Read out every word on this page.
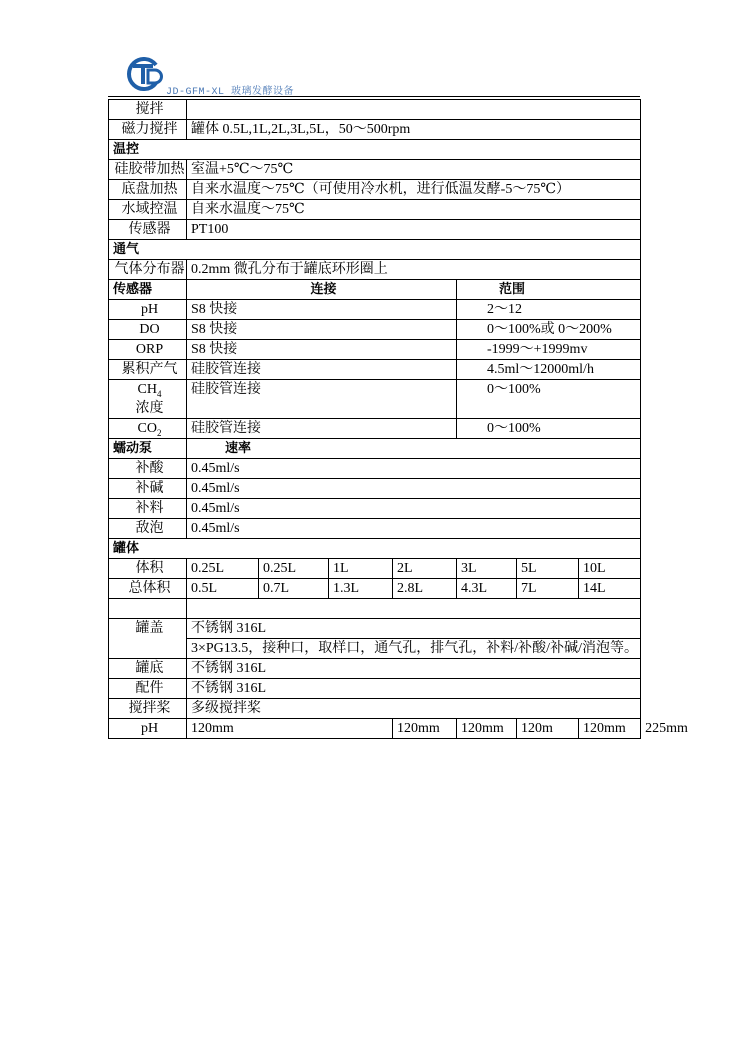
JD-GFM-XL 玻璃发酵设备
搅拌								
磁力搅拌	罐体 0.5L,1L,2L,3L,5L，50～500rpm							
温控								
硅胶带加热	室温+5℃～75℃							
底盘加热	自来水温度～75℃（可使用冷水机，进行低温发酵-5～75℃）							
水域控温	自来水温度～75℃							
传感器	PT100							
通气								
气体分布器	0.2mm 微孔分布于罐底环形圈上							
传感器	连接				范围			
pH	S8 快接				2～12			
DO	S8 快接				0～100%或 0～200%			
ORP	S8 快接				-1999～+1999mv			
累积产气	硅胶管连接				4.5ml～12000ml/h			
$CH_4$
浓度	硅胶管连接				0～100%			
$CO_2$	硅胶管连接				0～100%			
蠕动泵	速率							
补酸	0.45ml/s							
补碱	0.45ml/s							
补料	0.45ml/s							
敌泡	0.45ml/s							
罐体								
体积	0.25L	0.25L	1L	2L	3L	5L	10L	
总体积	0.5L	0.7L	1.3L	2.8L	4.3L	7L	14L	

罐盖	不锈钢 316L							
	3×PG13.5，接种口，取样口，通气孔，排气孔，补料/补酸/补碱/消泡等。							
罐底	不锈钢 316L							
配件	不锈钢 316L							
搅拌桨	多级搅拌桨							
pH	120mm			120mm	120mm	120m	120mm	225mm
